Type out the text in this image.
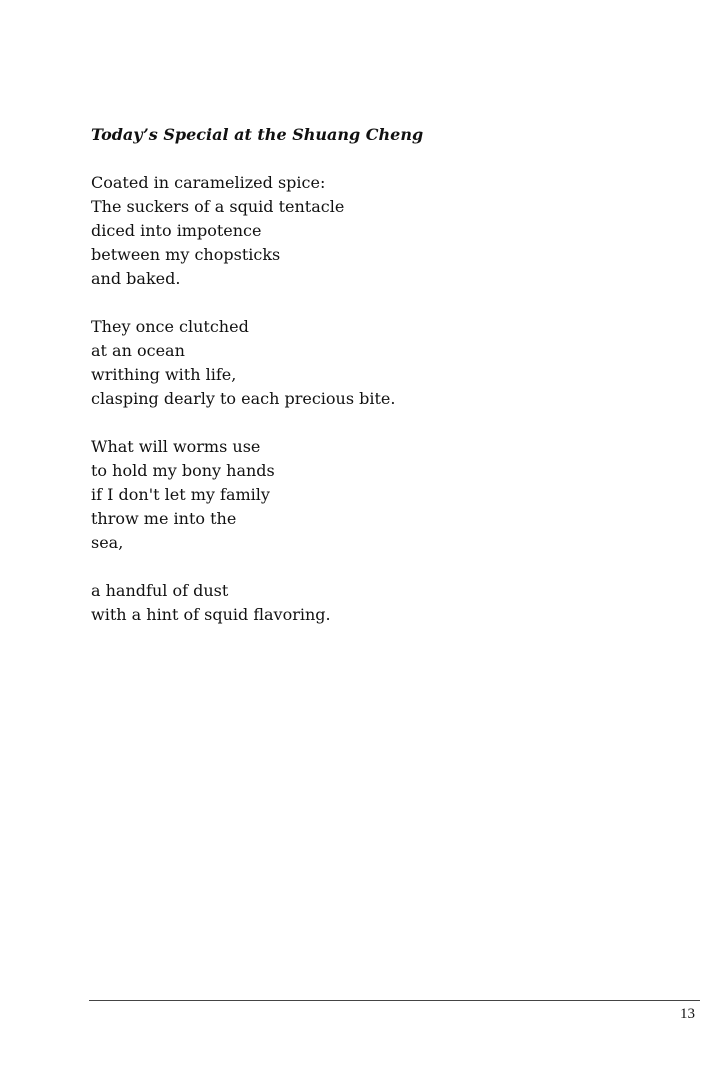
Today’s Special at the Shuang Cheng
Coated in caramelized spice:
The suckers of a squid tentacle
diced into impotence
between my chopsticks
and baked.
They once clutched
at an ocean
writhing with life,
clasping dearly to each precious bite.
What will worms use
to hold my bony hands
if I don't let my family
throw me into the
sea,
a handful of dust
with a hint of squid flavoring.
13
